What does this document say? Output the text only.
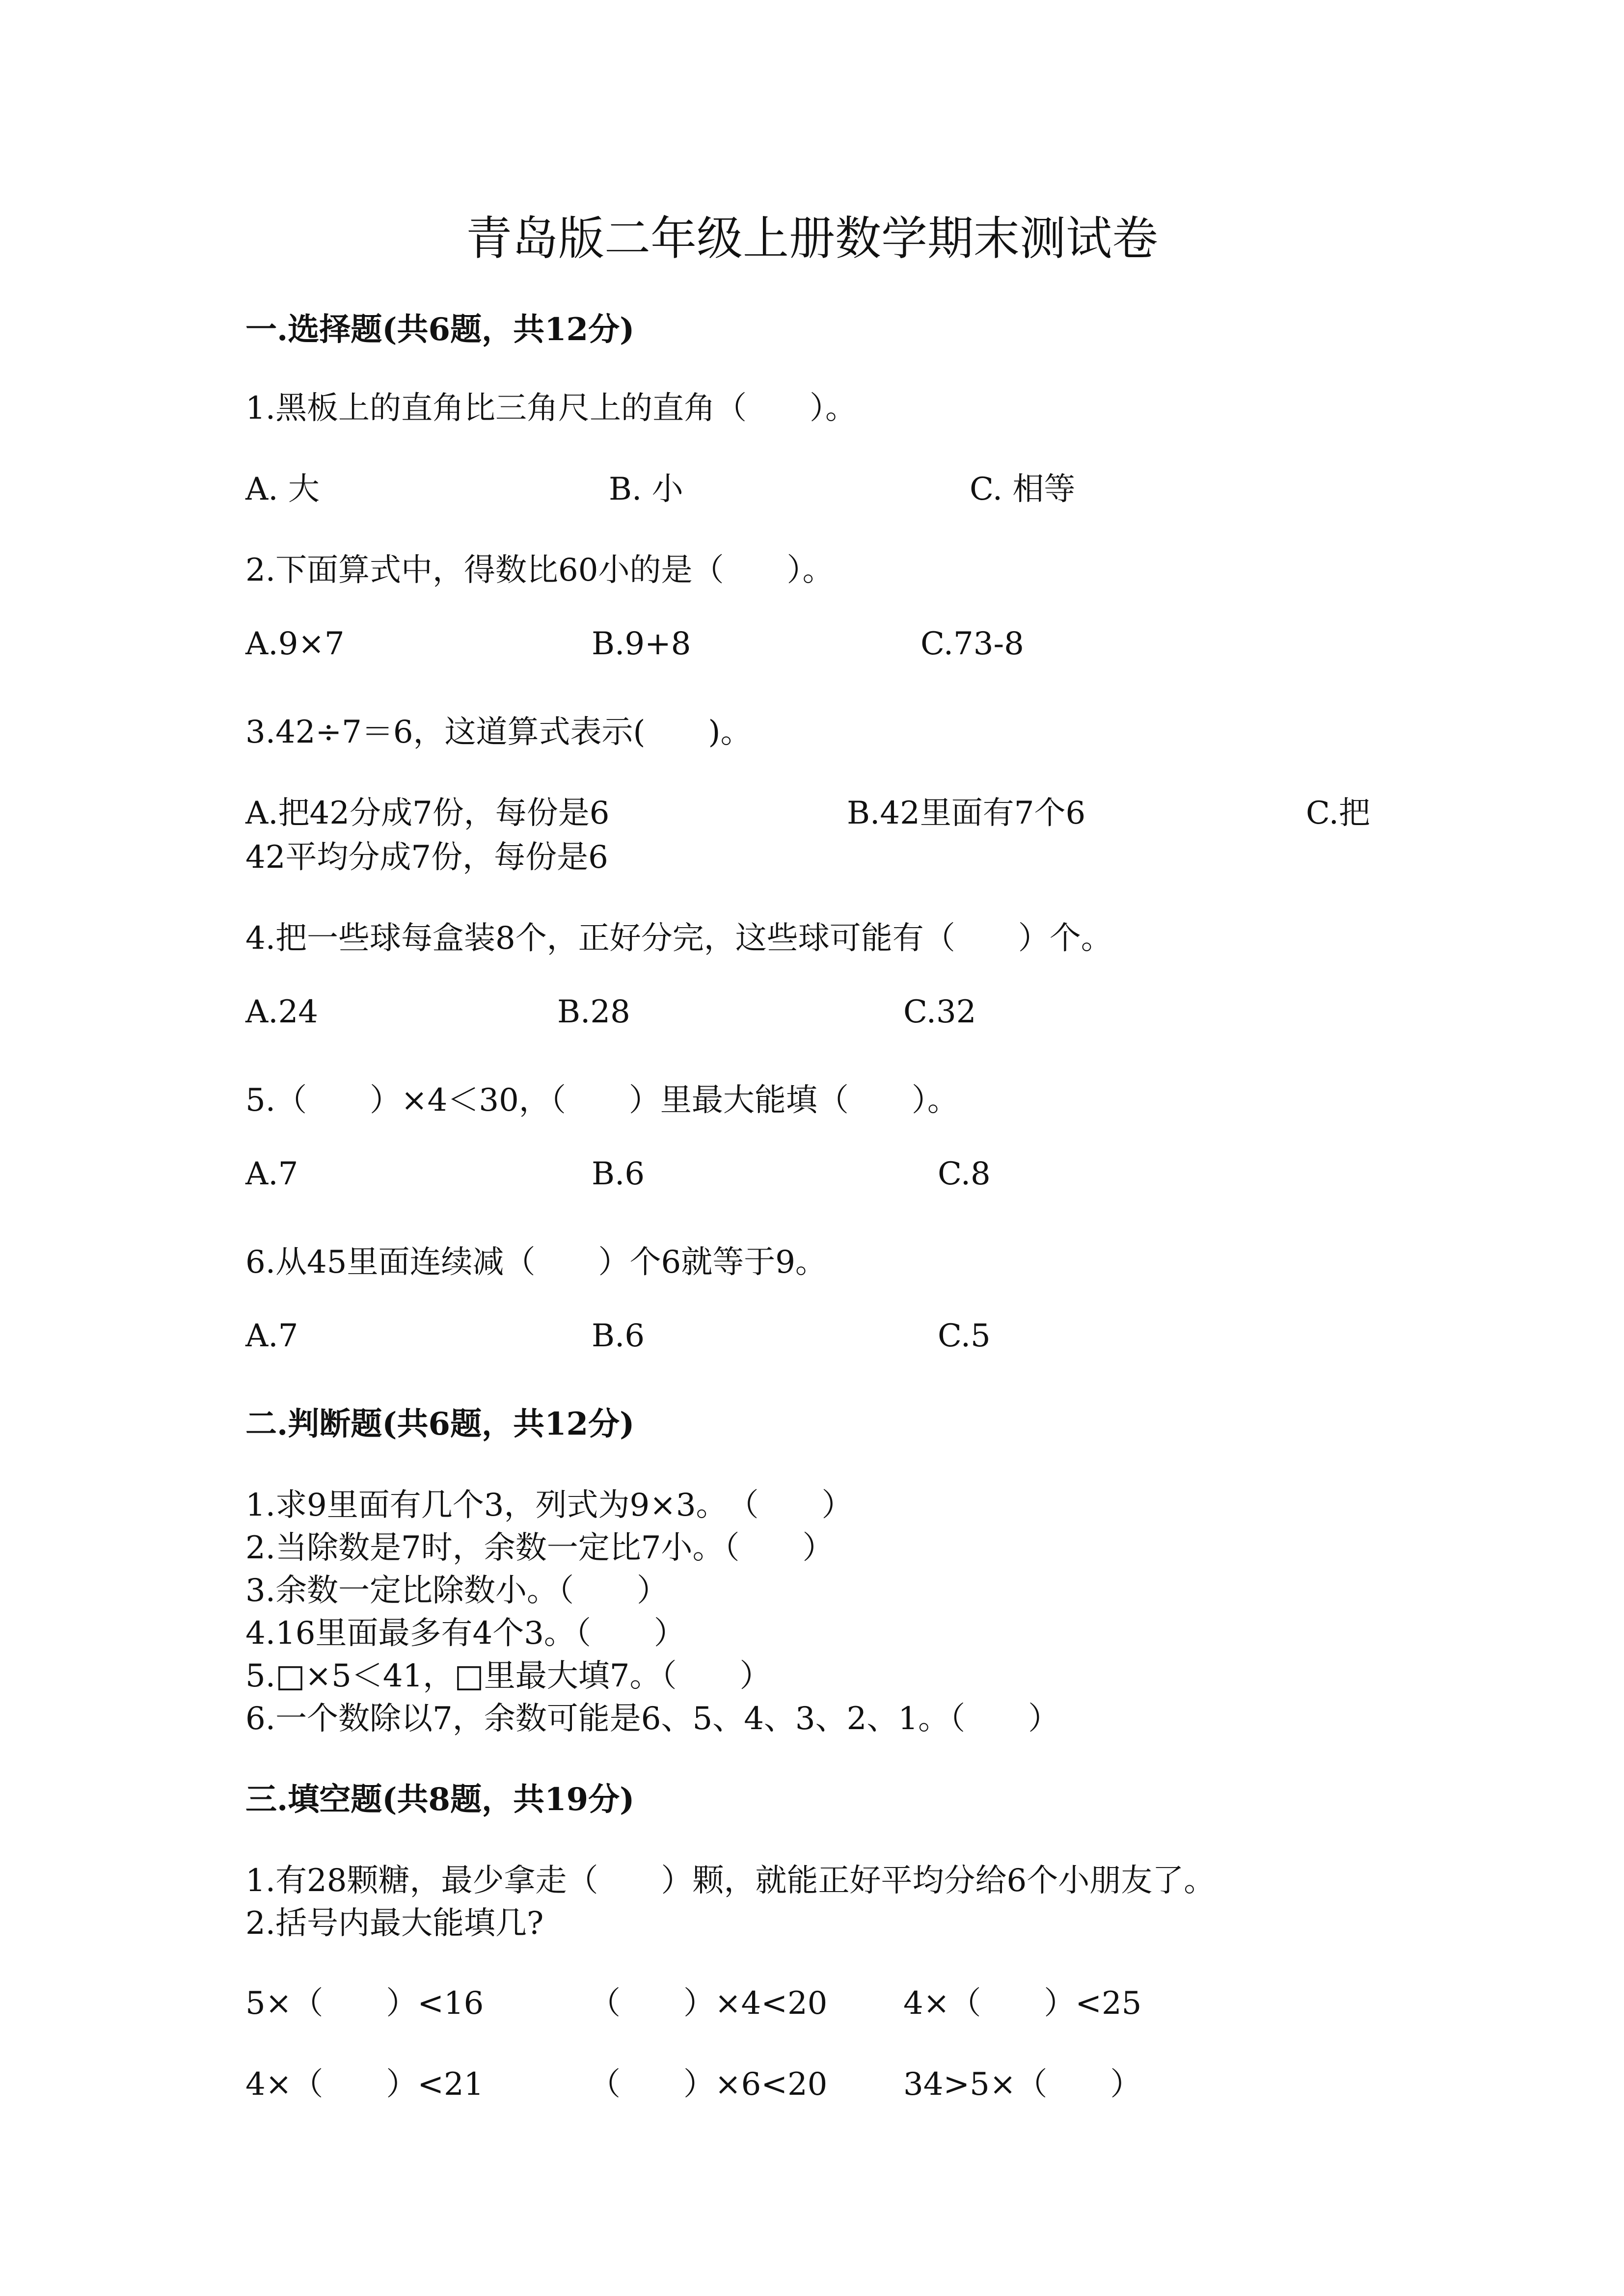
青岛版二年级上册数学期末测试卷
一.选择题(共6题，共12分)
1.黑板上的直角比三角尺上的直角（　　）。
A. 大	B. 小	C. 相等
2.下面算式中，得数比60小的是（　　）。
A.9×7	B.9+8	C.73-8
3.42÷7＝6，这道算式表示(　　)。
A.把42分成7份，每份是6	B.42里面有7个6	C.把
42平均分成7份，每份是6
4.把一些球每盒装8个，正好分完，这些球可能有（　　）个。
A.24	B.28	C.32
5.（　　）×4＜30，（　　）里最大能填（　　）。
A.7	B.6	C.8
6.从45里面连续减（　　）个6就等于9。
A.7	B.6	C.5
二.判断题(共6题，共12分)
1.求9里面有几个3，列式为9×3。　（　　）
2.当除数是7时，余数一定比7小。（　　）
3.余数一定比除数小。（　　）
4.16里面最多有4个3。（　　）
5.□×5＜41，□里最大填7。（　　）
6.一个数除以7，余数可能是6、5、4、3、2、1。（　　）
三.填空题(共8题，共19分)
1.有28颗糖，最少拿走（　　）颗，就能正好平均分给6个小朋友了。
2.括号内最大能填几?
5×（　　）<16	（　　）×4<20 4×（　　）<25
4×（　　）<21	（　　）×6<20 34>5×（　　）
